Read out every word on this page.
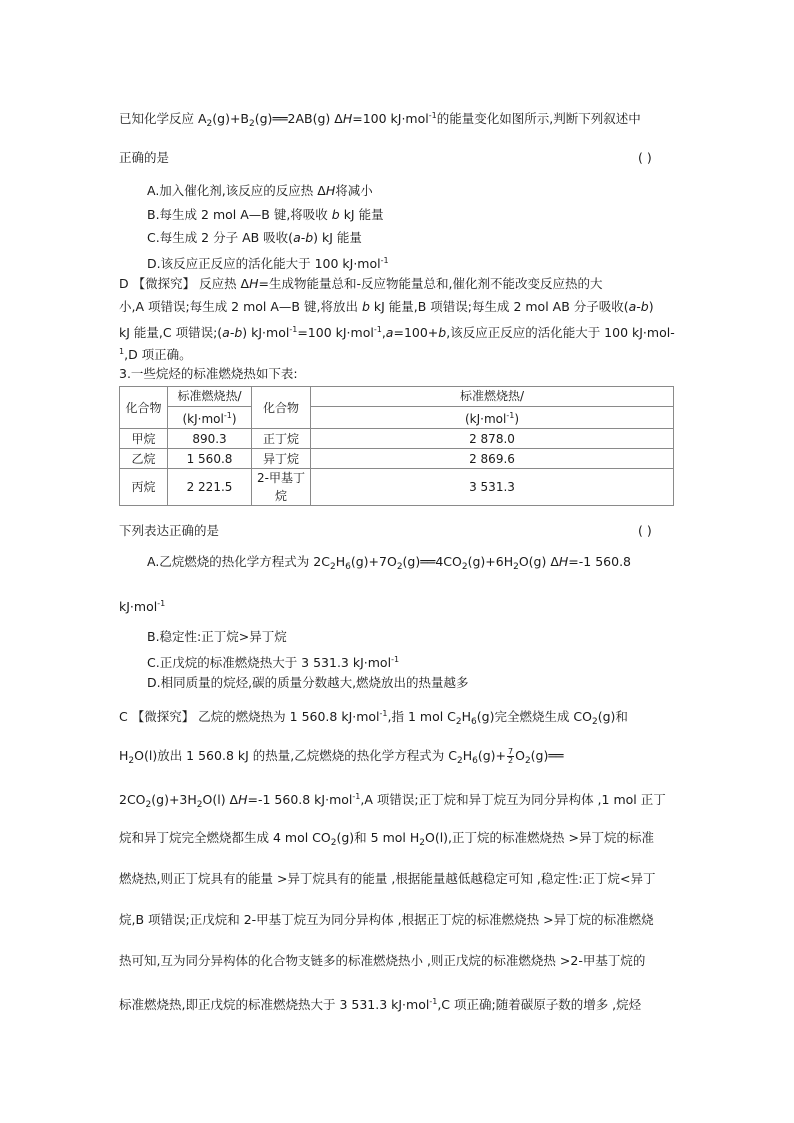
已知化学反应 $A_2(g)+B_2(g)══2AB(g)$ ΔH=100 kJ·mol$^{-1}$的能量变化如图所示,判断下列叙述中
正确的是	( )
A.加入催化剂,该反应的反应热 ΔH将减小
B.每生成 2 mol A—B 键,将吸收 b kJ 能量
C.每生成 2 分子 AB 吸收(a-b) kJ 能量
D.该反应正反应的活化能大于 100 kJ·mol$^{-1}$
D 【微探究】 反应热 ΔH=生成物能量总和-反应物能量总和,催化剂不能改变反应热的大
小,A 项错误;每生成 2 mol A—B 键,将放出 b kJ 能量,B 项错误;每生成 2 mol AB 分子吸收(a-b)
kJ 能量,C 项错误;(a-b) kJ·mol$^{-1}$=100 kJ·mol$^{-1}$,a=100+b,该反应正反应的活化能大于 100 kJ·mol-
$^1$,D 项正确。
3.一些烷烃的标准燃烧热如下表:
化合物	标准燃烧热/	化合物	标准燃烧热/
	(kJ·mol$^{-1}$)		(kJ·mol$^{-1}$)
甲烷	890.3	正丁烷	2 878.0
乙烷	1 560.8	异丁烷	2 869.6
丙烷	2 221.5	2-甲基丁烷	3 531.3
下列表达正确的是	( )
A.乙烷燃烧的热化学方程式为 $2C_2H_6(g)+7O_2(g)══4CO_2(g)+6H_2O(g)$ ΔH=-1 560.8
kJ·mol$^{-1}$
B.稳定性:正丁烷>异丁烷
C.正戊烷的标准燃烧热大于 3 531.3 kJ·mol$^{-1}$
D.相同质量的烷烃,碳的质量分数越大,燃烧放出的热量越多
C 【微探究】 乙烷的燃烧热为 1 560.8 kJ·mol$^{-1}$,指 1 mol $C_2H_6(g)$完全燃烧生成 $CO_2(g)$和
$H_2O(l)$放出 1 560.8 kJ 的热量,乙烷燃烧的热化学方程式为 $C_2H_6(g)+ \frac{7}{2}$ $O_2(g)══$
$2CO_2(g)+3H_2O(l)$ ΔH=-1 560.8 kJ·mol$^{-1}$,A 项错误;正丁烷和异丁烷互为同分异构体 ,1 mol 正丁
烷和异丁烷完全燃烧都生成 4 mol $CO_2(g)$和 5 mol $H_2O(l)$,正丁烷的标准燃烧热 >异丁烷的标准
燃烧热,则正丁烷具有的能量 >异丁烷具有的能量 ,根据能量越低越稳定可知 ,稳定性:正丁烷<异丁
烷,B 项错误;正戊烷和 2-甲基丁烷互为同分异构体 ,根据正丁烷的标准燃烧热 >异丁烷的标准燃烧
热可知,互为同分异构体的化合物支链多的标准燃烧热小 ,则正戊烷的标准燃烧热 >2-甲基丁烷的
标准燃烧热,即正戊烷的标准燃烧热大于 3 531.3 kJ·mol$^{-1}$,C 项正确;随着碳原子数的增多 ,烷烃
